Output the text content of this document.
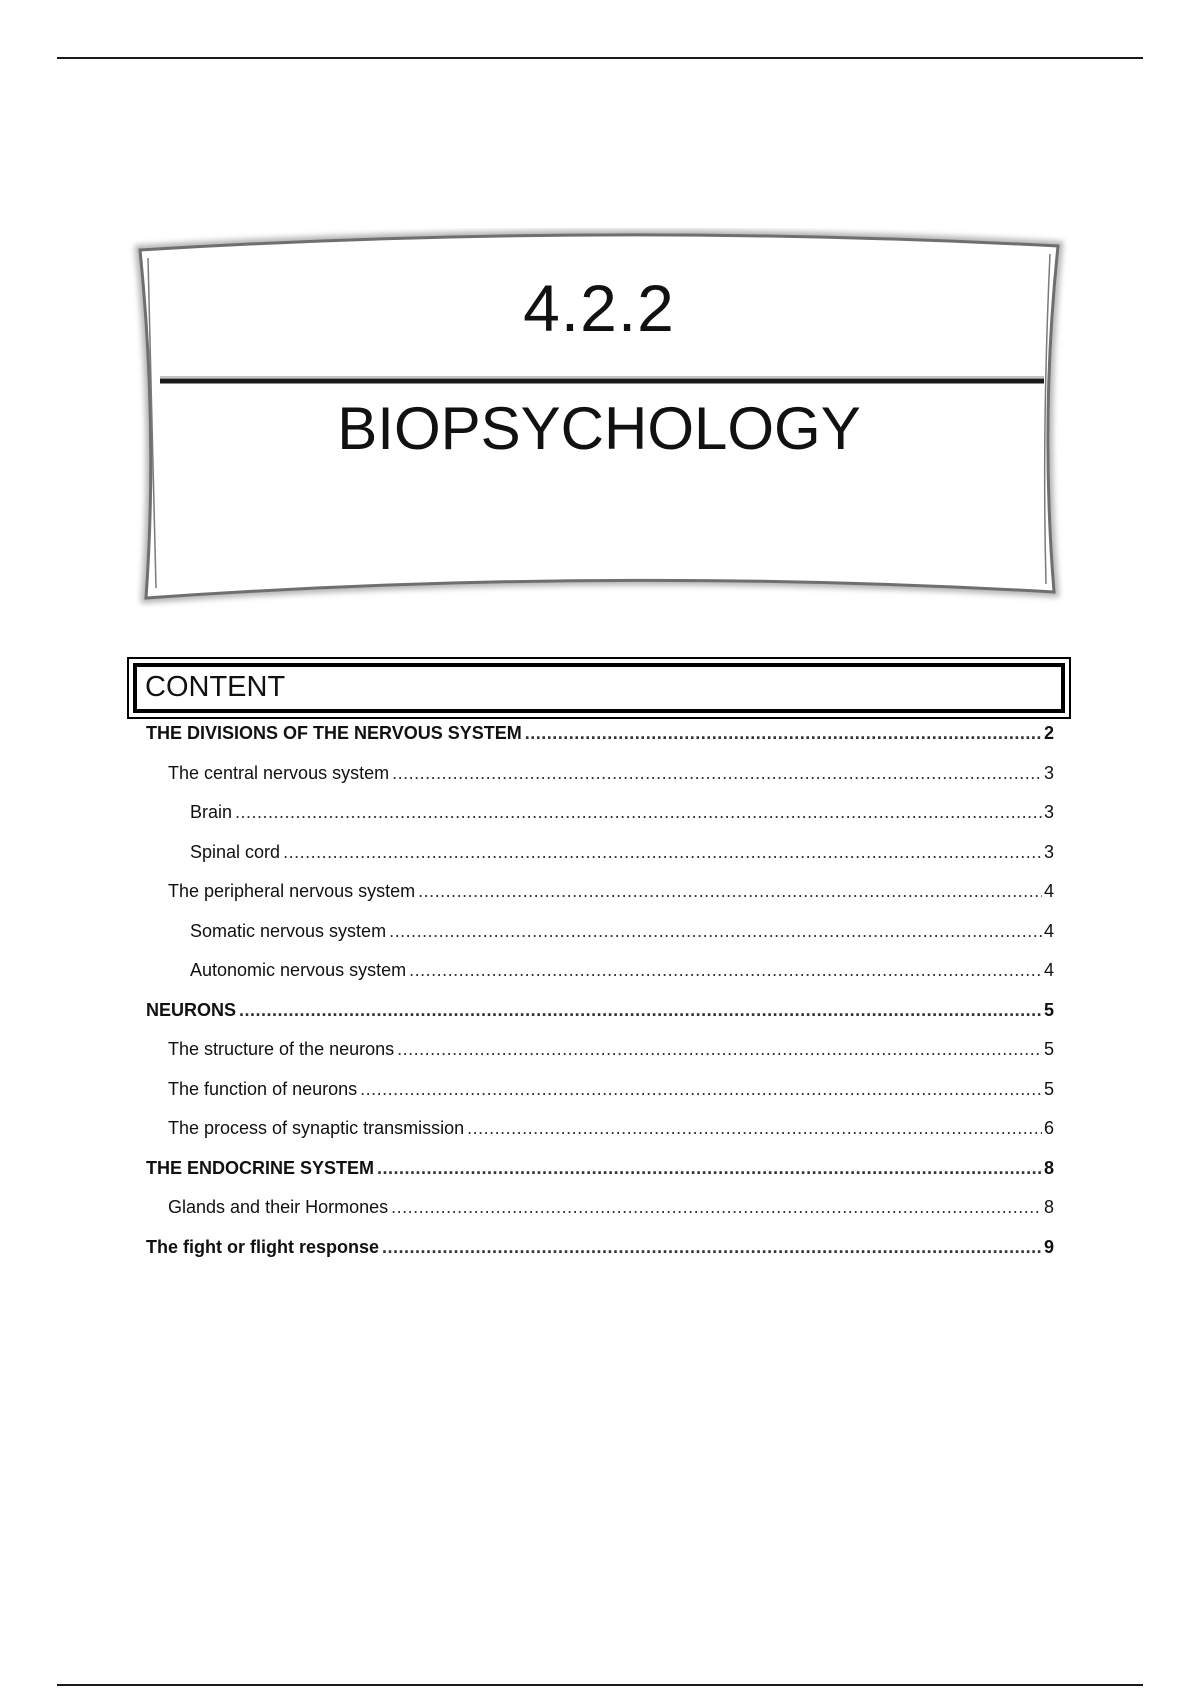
4.2.2
BIOPSYCHOLOGY
CONTENT
THE DIVISIONS OF THE NERVOUS SYSTEM .....	2
The central nervous system .....	3
Brain .....	3
Spinal cord .....	3
The peripheral nervous system .....	4
Somatic nervous system .....	4
Autonomic nervous system .....	4
NEURONS .....	5
The structure of the neurons .....	5
The function of neurons .....	5
The process of synaptic transmission .....	6
THE ENDOCRINE SYSTEM .....	8
Glands and their Hormones .....	8
The fight or flight response .....	9
